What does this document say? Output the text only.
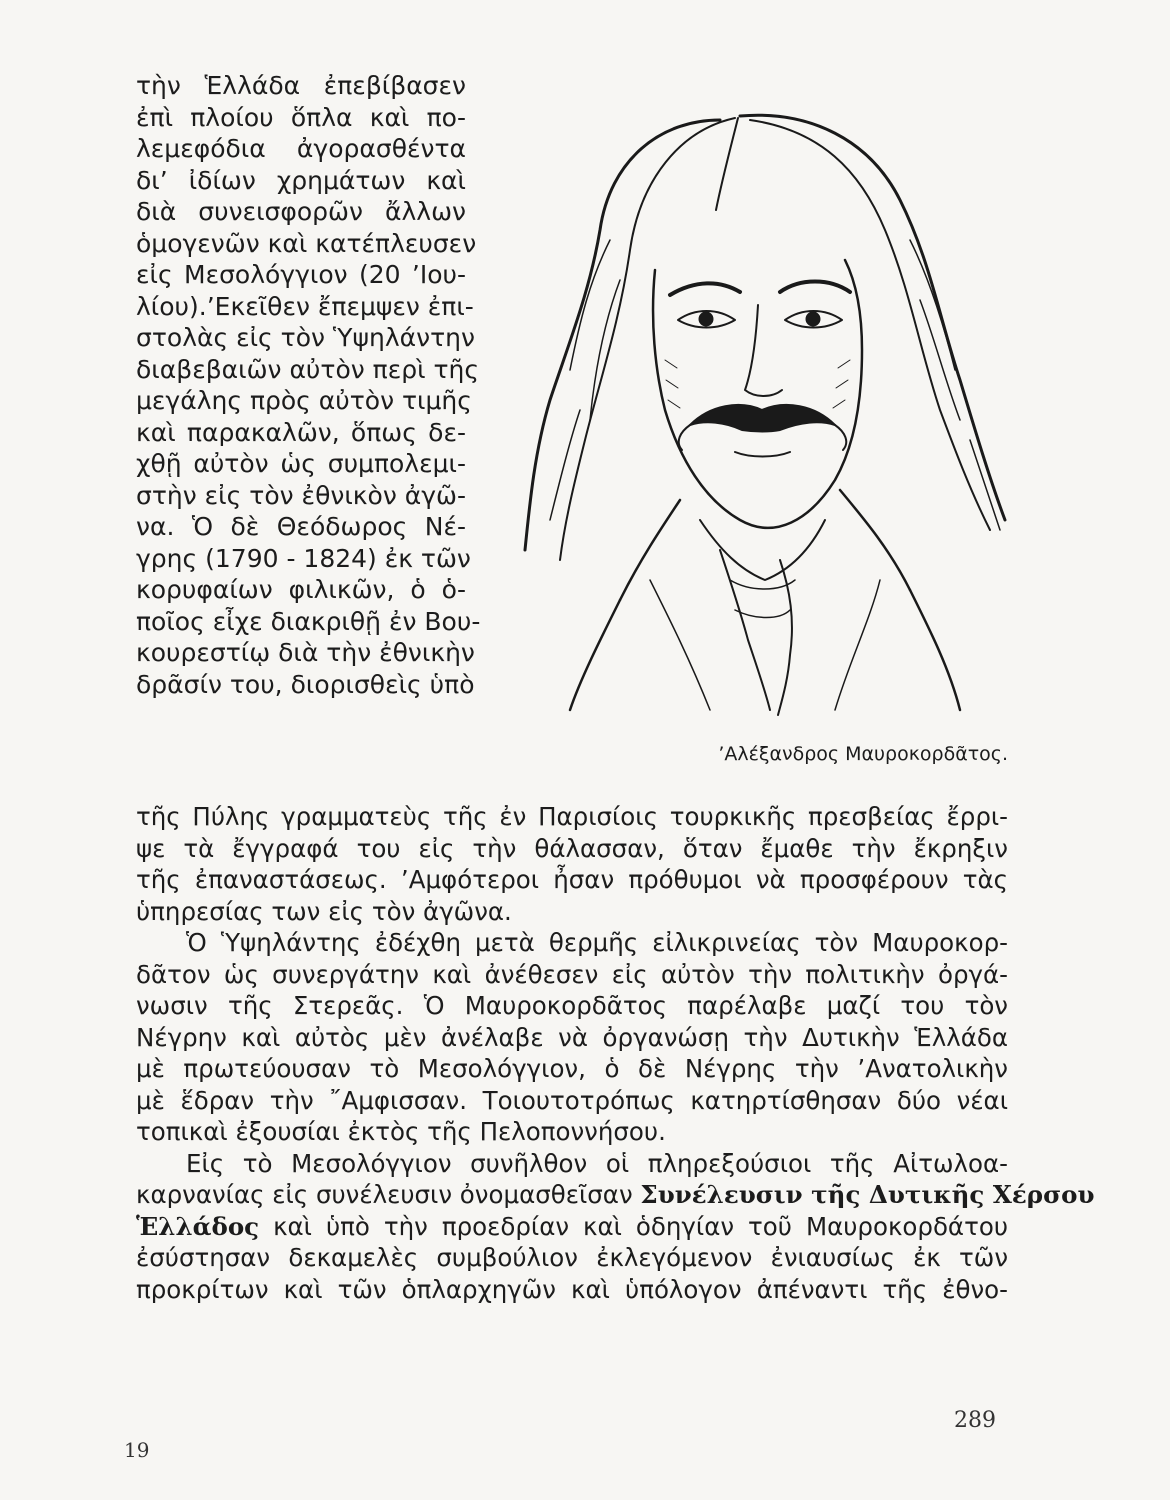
τὴν Ἑλλάδα ἐπεβίβασεν
ἐπὶ πλοίου ὅπλα καὶ πο-
λεμεφόδια ἀγορασθέντα
δι’ ἰδίων χρημάτων καὶ
διὰ συνεισφορῶν ἄλλων
ὁμογενῶν καὶ κατέπλευσεν
εἰς Μεσολόγγιον (20 ’Ιου-
λίου).’Εκεῖθεν ἔπεμψεν ἐπι-
στολὰς εἰς τὸν Ὑψηλάντην
διαβεβαιῶν αὐτὸν περὶ τῆς
μεγάλης πρὸς αὐτὸν τιμῆς
καὶ παρακαλῶν, ὅπως δε-
χθῇ αὐτὸν ὡς συμπολεμι-
στὴν εἰς τὸν ἐθνικὸν ἀγῶ-
να. Ὁ δὲ Θεόδωρος Νέ-
γρης (1790 - 1824) ἐκ τῶν
κορυφαίων φιλικῶν, ὁ ὁ-
ποῖος εἶχε διακριθῇ ἐν Βου-
κουρεστίῳ διὰ τὴν ἐθνικὴν
δρᾶσίν του, διορισθεὶς ὑπὸ
’Αλέξανδρος Μαυροκορδᾶτος.
τῆς Πύλης γραμματεὺς τῆς ἐν Παρισίοις τουρκικῆς πρεσβείας ἔρρι-
ψε τὰ ἔγγραφά του εἰς τὴν θάλασσαν, ὅταν ἔμαθε τὴν ἔκρηξιν
τῆς ἐπαναστάσεως. ’Αμφότεροι ἦσαν πρόθυμοι νὰ προσφέρουν τὰς
ὑπηρεσίας των εἰς τὸν ἀγῶνα.
Ὁ Ὑψηλάντης ἐδέχθη μετὰ θερμῆς εἰλικρινείας τὸν Μαυροκορ-
δᾶτον ὡς συνεργάτην καὶ ἀνέθεσεν εἰς αὐτὸν τὴν πολιτικὴν ὀργά-
νωσιν τῆς Στερεᾶς. Ὁ Μαυροκορδᾶτος παρέλαβε μαζί του τὸν
Νέγρην καὶ αὐτὸς μὲν ἀνέλαβε νὰ ὀργανώσῃ τὴν Δυτικὴν Ἑλλάδα
μὲ πρωτεύουσαν τὸ Μεσολόγγιον, ὁ δὲ Νέγρης τὴν ’Ανατολικὴν
μὲ ἕδραν τὴν ῎Αμφισσαν. Τοιουτοτρόπως κατηρτίσθησαν δύο νέαι
τοπικαὶ ἐξουσίαι ἐκτὸς τῆς Πελοποννήσου.
Εἰς τὸ Μεσολόγγιον συνῆλθον οἱ πληρεξούσιοι τῆς Αἰτωλοα-
καρνανίας εἰς συνέλευσιν ὀνομασθεῖσαν Συνέλευσιν τῆς Δυτικῆς Χέρσου
Ἑλλάδος καὶ ὑπὸ τὴν προεδρίαν καὶ ὁδηγίαν τοῦ Μαυροκορδάτου
ἐσύστησαν δεκαμελὲς συμβούλιον ἐκλεγόμενον ἐνιαυσίως ἐκ τῶν
προκρίτων καὶ τῶν ὁπλαρχηγῶν καὶ ὑπόλογον ἀπέναντι τῆς ἐθνο-
19
289
